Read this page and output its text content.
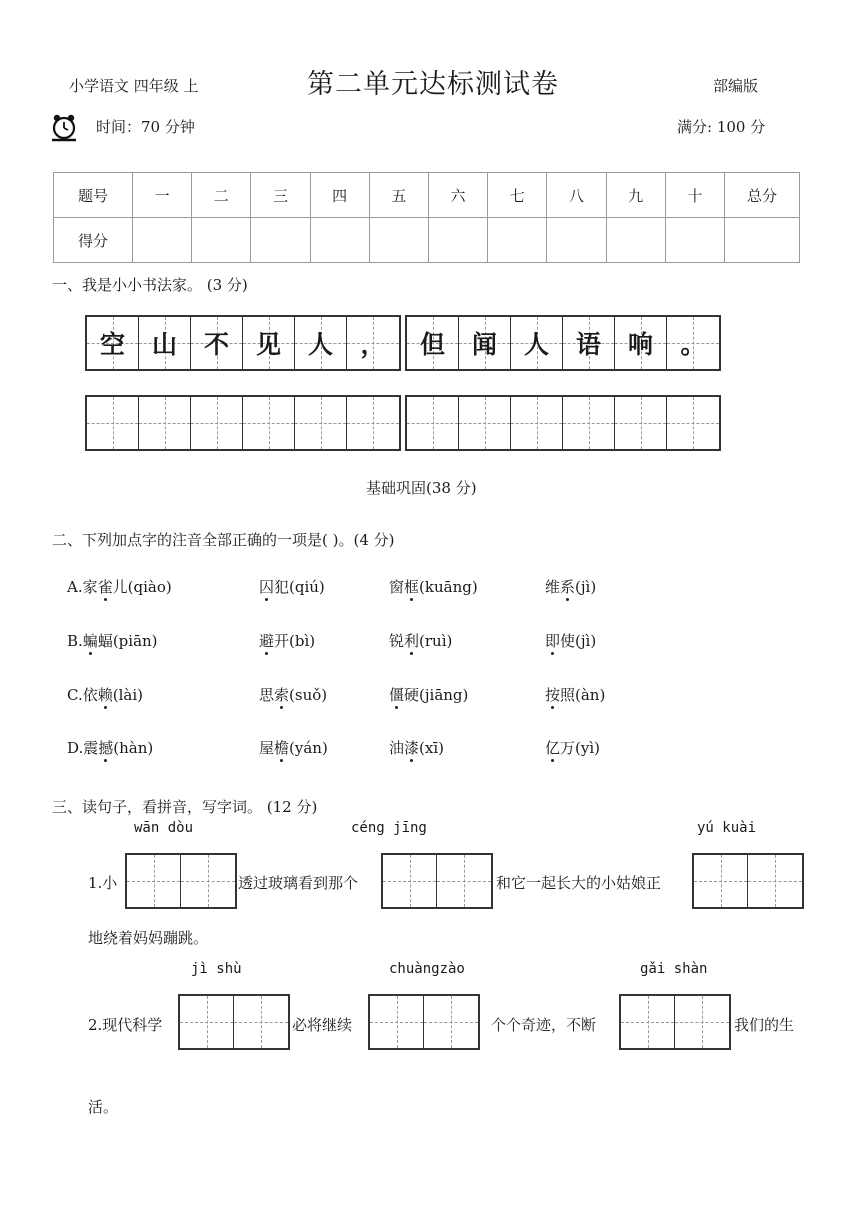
小学语文 四年级 上	第二单元达标测试卷	部编版
时间：70 分钟	满分: 100 分
题号	一	二	三	四	五	六	七	八	九	十	总分
得分											
一、我是小小书法家。 (3 分)
空 山 不 见 人 ， 但 闻 人 语 响 。
基础巩固(38 分)
二、下列加点字的注音全部正确的一项是( )。(4 分)
A.家雀儿(qiào)	囚犯(qiú)	窗框(kuāng)	维系(jì)
B.蝙蝠(piān)	避开(bì)	锐利(ruì)	即使(jì)
C.依赖(lài)	思索(suǒ)	僵硬(jiāng)	按照(àn)
D.震撼(hàn)	屋檐(yán)	油漆(xī)	亿万(yì)
三、读句子，看拼音，写字词。 (12 分)
wān dòu	céng jīng	yú kuài
1.小	透过玻璃看到那个	和它一起长大的小姑娘正
地绕着妈妈蹦跳。
jì shù	chuàngzào	gǎi shàn
2.现代科学	必将继续	个个奇迹，不断	我们的生
活。
